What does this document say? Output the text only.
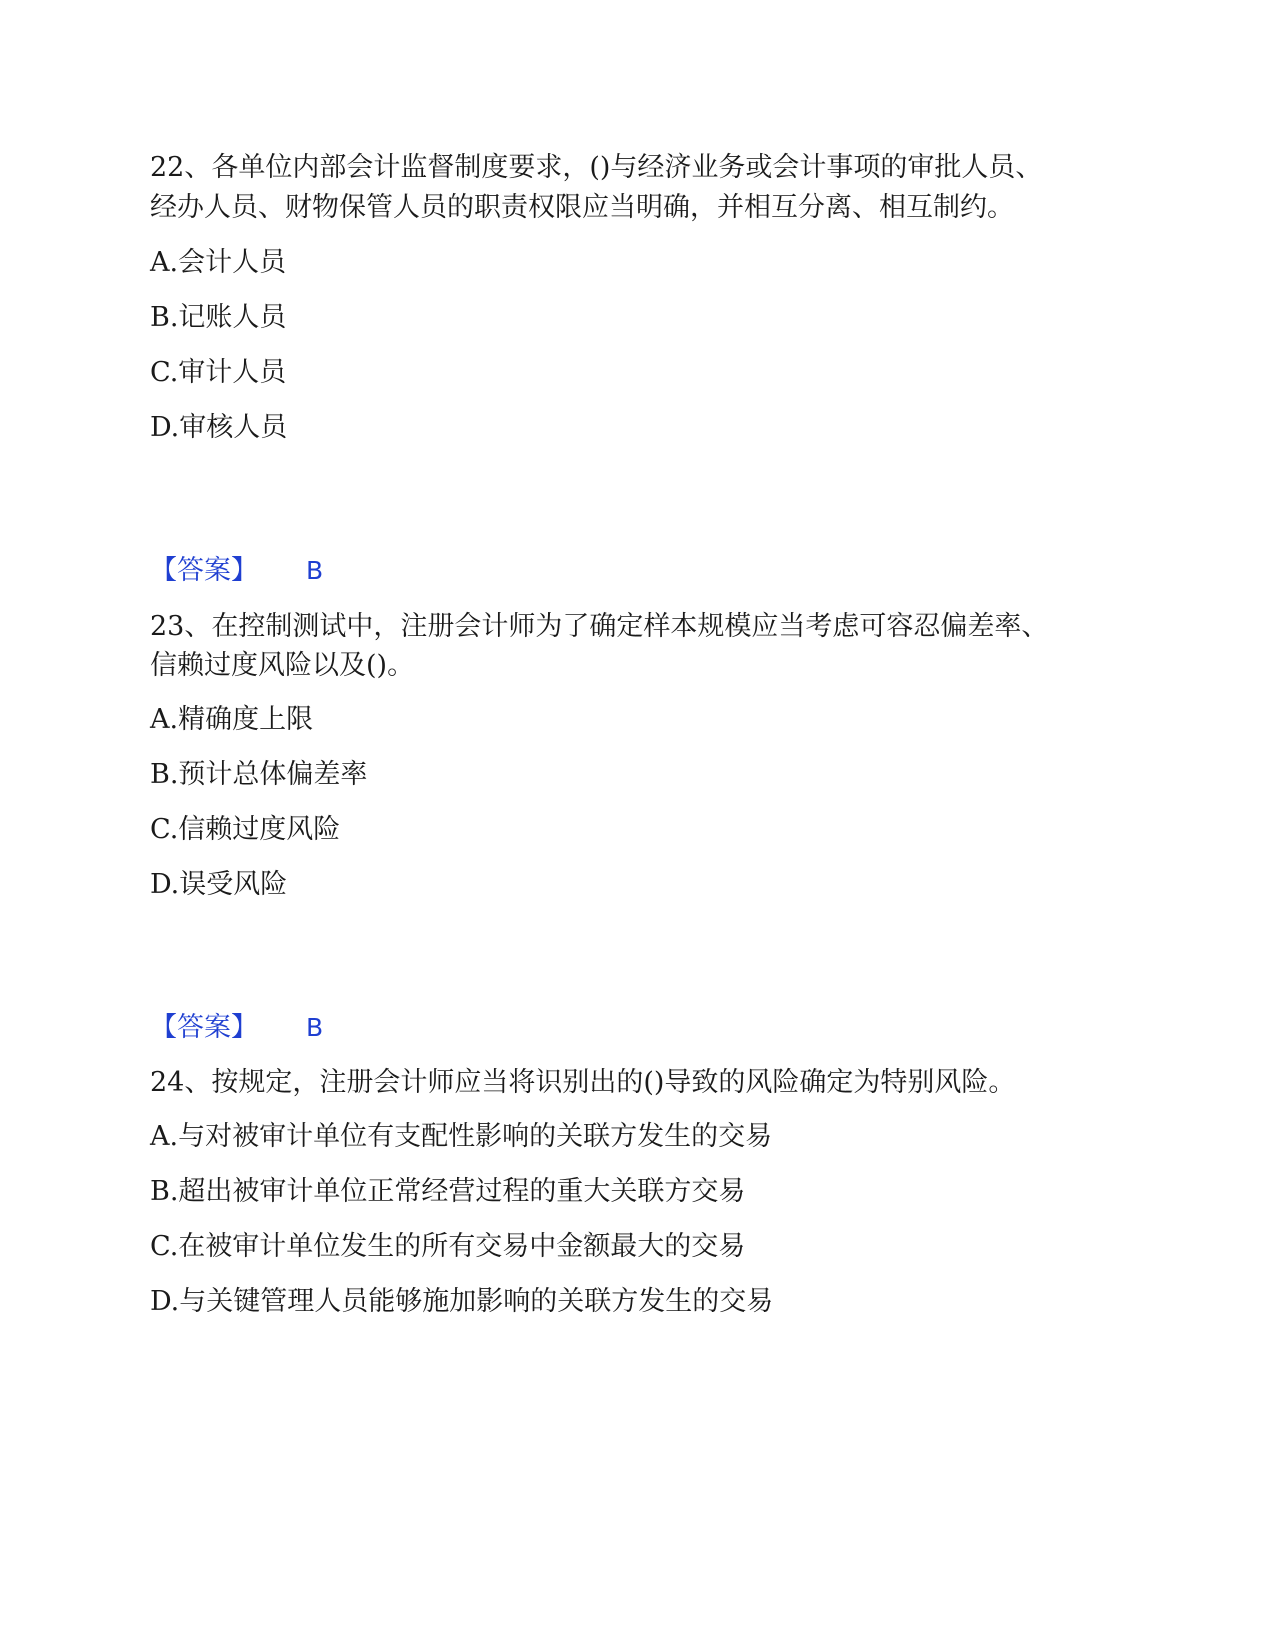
22、各单位内部会计监督制度要求，()与经济业务或会计事项的审批人员、
经办人员、财物保管人员的职责权限应当明确，并相互分离、相互制约。
A.会计人员
B.记账人员
C.审计人员
D.审核人员
【答案】 B
23、在控制测试中，注册会计师为了确定样本规模应当考虑可容忍偏差率、
信赖过度风险以及()。
A.精确度上限
B.预计总体偏差率
C.信赖过度风险
D.误受风险
【答案】 B
24、按规定，注册会计师应当将识别出的()导致的风险确定为特别风险。
A.与对被审计单位有支配性影响的关联方发生的交易
B.超出被审计单位正常经营过程的重大关联方交易
C.在被审计单位发生的所有交易中金额最大的交易
D.与关键管理人员能够施加影响的关联方发生的交易
